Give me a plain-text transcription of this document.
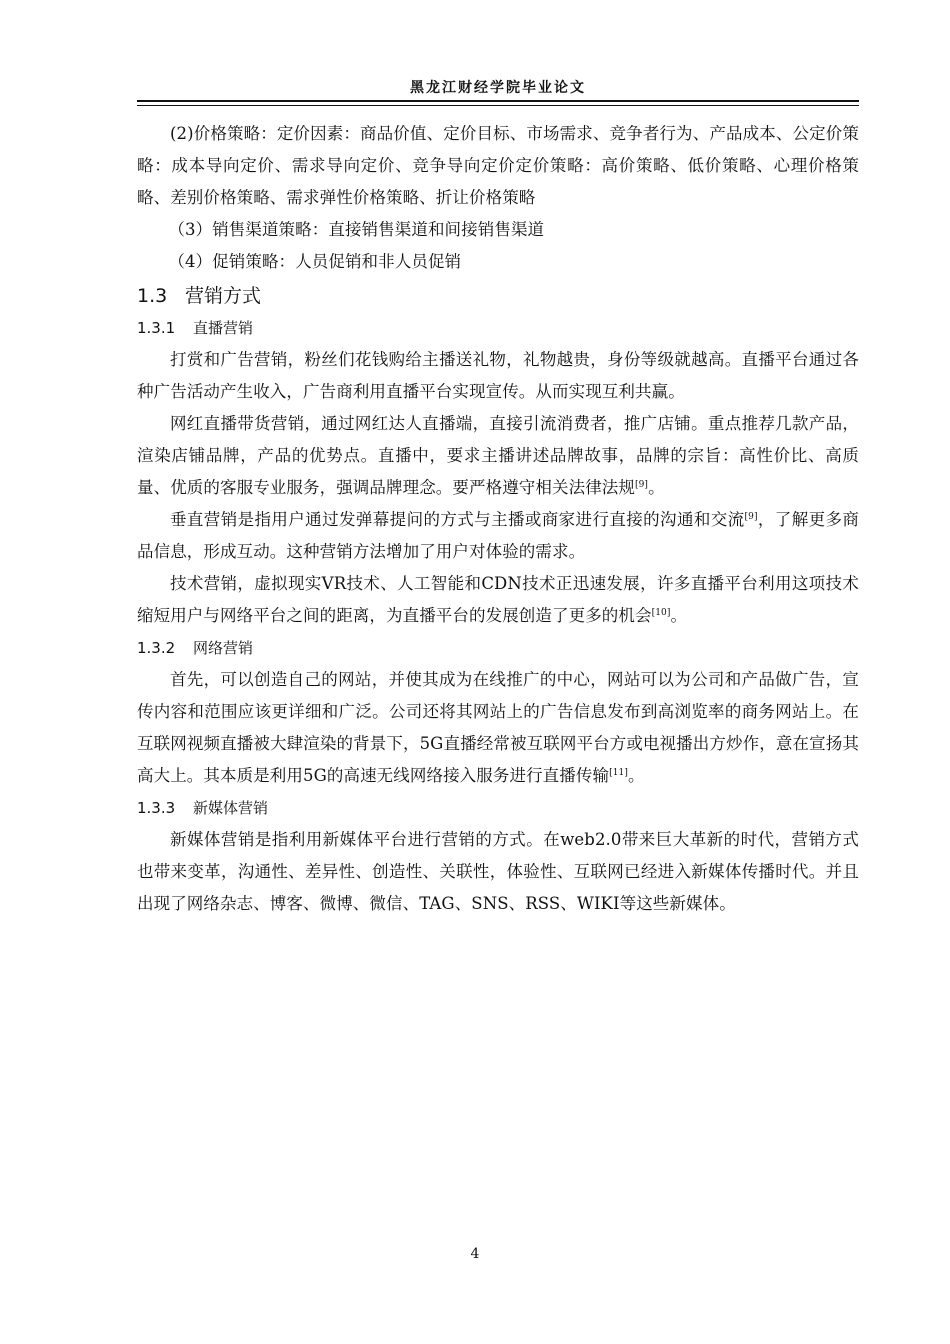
黑龙江财经学院毕业论文

(2)价格策略：定价因素：商品价值、定价目标、市场需求、竞争者行为、产品成本、公定价策略：成本导向定价、需求导向定价、竞争导向定价定价策略：高价策略、低价策略、心理价格策略、差别价格策略、需求弹性价格策略、折让价格策略

（3）销售渠道策略：直接销售渠道和间接销售渠道

（4）促销策略：人员促销和非人员促销

1.3 营销方式
1.3.1 直播营销

打赏和广告营销，粉丝们花钱购给主播送礼物，礼物越贵，身份等级就越高。直播平台通过各种广告活动产生收入，广告商利用直播平台实现宣传。从而实现互利共赢。

网红直播带货营销，通过网红达人直播端，直接引流消费者，推广店铺。重点推荐几款产品，渲染店铺品牌，产品的优势点。直播中，要求主播讲述品牌故事，品牌的宗旨：高性价比、高质量、优质的客服专业服务，强调品牌理念。要严格遵守相关法律法规[9]。

垂直营销是指用户通过发弹幕提问的方式与主播或商家进行直接的沟通和交流[9]，了解更多商品信息，形成互动。这种营销方法增加了用户对体验的需求。

技术营销，虚拟现实VR技术、人工智能和CDN技术正迅速发展，许多直播平台利用这项技术缩短用户与网络平台之间的距离，为直播平台的发展创造了更多的机会[10]。

1.3.2 网络营销

首先，可以创造自己的网站，并使其成为在线推广的中心，网站可以为公司和产品做广告，宣传内容和范围应该更详细和广泛。公司还将其网站上的广告信息发布到高浏览率的商务网站上。在互联网视频直播被大肆渲染的背景下，5G直播经常被互联网平台方或电视播出方炒作，意在宣扬其高大上。其本质是利用5G的高速无线网络接入服务进行直播传输[11]。

1.3.3 新媒体营销

新媒体营销是指利用新媒体平台进行营销的方式。在web2.0带来巨大革新的时代，营销方式也带来变革，沟通性、差异性、创造性、关联性，体验性、互联网已经进入新媒体传播时代。并且出现了网络杂志、博客、微博、微信、TAG、SNS、RSS、WIKI等这些新媒体。

4
